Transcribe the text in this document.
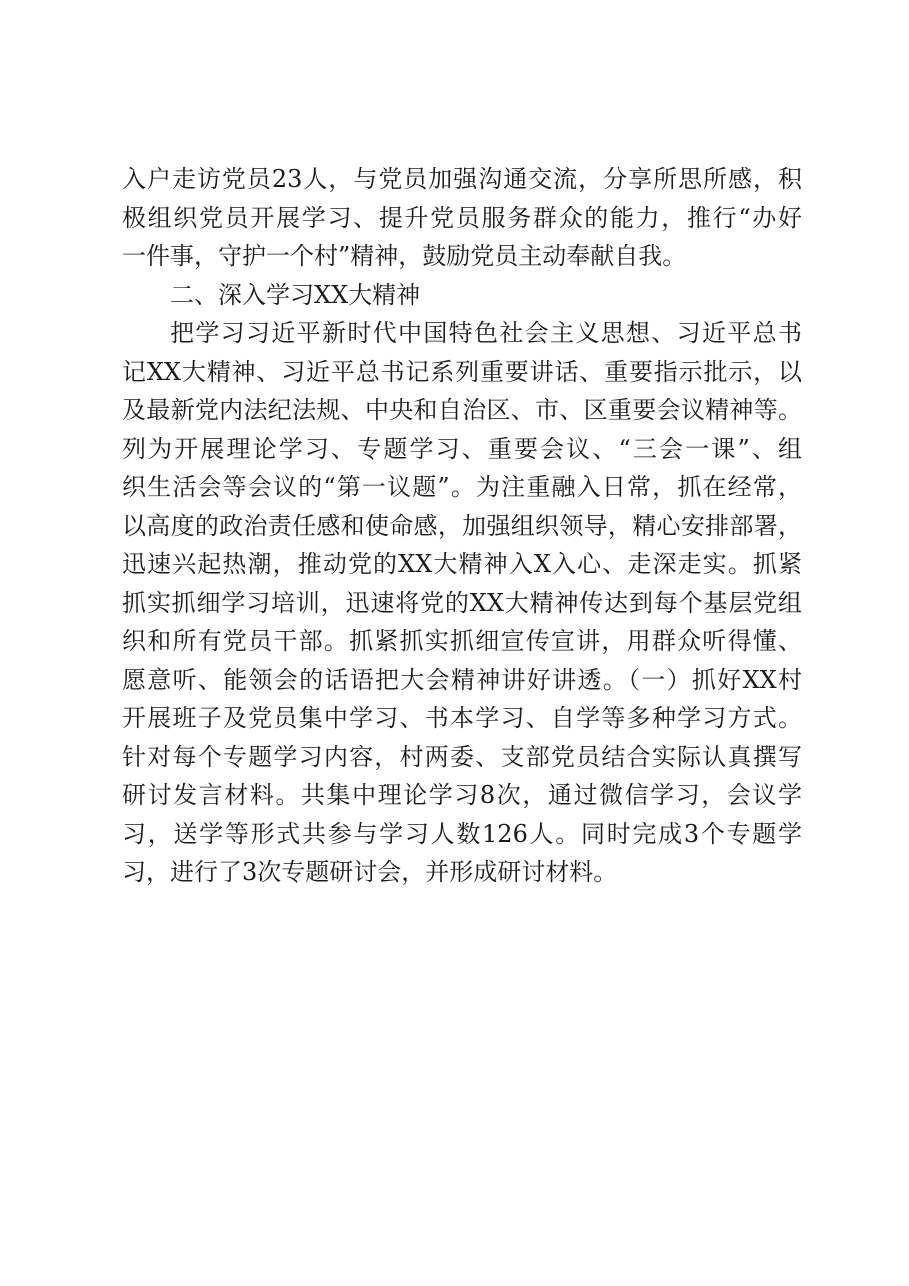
入户走访党员23人，与党员加强沟通交流，分享所思所感，积
极组织党员开展学习、提升党员服务群众的能力，推行“办好
一件事，守护一个村”精神，鼓励党员主动奉献自我。
二、深入学习XX大精神
把学习习近平新时代中国特色社会主义思想、习近平总书
记XX大精神、习近平总书记系列重要讲话、重要指示批示，以
及最新党内法纪法规、中央和自治区、市、区重要会议精神等。
列为开展理论学习、专题学习、重要会议、“三会一课”、组
织生活会等会议的“第一议题”。为注重融入日常，抓在经常，
以高度的政治责任感和使命感，加强组织领导，精心安排部署，
迅速兴起热潮，推动党的XX大精神入X入心、走深走实。抓紧
抓实抓细学习培训，迅速将党的XX大精神传达到每个基层党组
织和所有党员干部。抓紧抓实抓细宣传宣讲，用群众听得懂、
愿意听、能领会的话语把大会精神讲好讲透。（一）抓好XX村
开展班子及党员集中学习、书本学习、自学等多种学习方式。
针对每个专题学习内容，村两委、支部党员结合实际认真撰写
研讨发言材料。共集中理论学习8次，通过微信学习，会议学
习，送学等形式共参与学习人数126人。同时完成3个专题学
习，进行了3次专题研讨会，并形成研讨材料。
